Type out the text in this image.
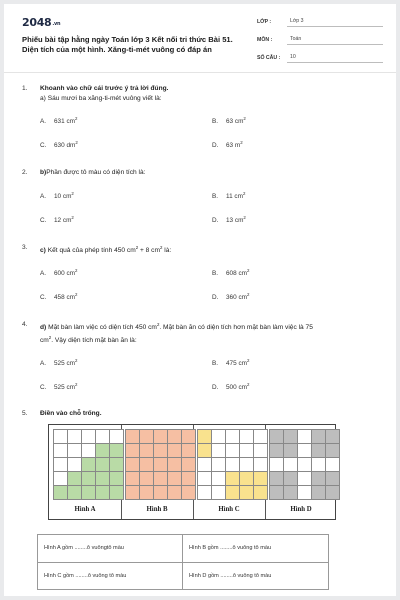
2048.vn
Phiếu bài tập hằng ngày Toán lớp 3 Kết nối tri thức Bài 51. Diện tích của một hình. Xăng-ti-mét vuông có đáp án
LỚP :	Lớp 3
MÔN :	Toán
SỐ CÂU :	10
1.	Khoanh vào chữ cái trước ý trả lời đúng.
a) Sáu mươi ba xăng-ti-mét vuông viết là:
A. 631 $cm^2$	B. 63 $cm^2$
C. 630 $dm^2$	D. 63 $m^2$
2.	b)Phần được tô màu có diện tích là:
A. 10 $cm^2$	B. 11 $cm^2$
C. 12 $cm^2$	D. 13 $cm^2$
3.	c) Kết quả của phép tính 450 $cm^2 + 8$ $cm^2$ là:
A. 600 $cm^2$	B. 608 $cm^2$
C. 458 $cm^2$	D. 360 $cm^2$
4.	d) Mặt bàn làm việc có diện tích 450 $cm^2$. Mặt bàn ăn có diện tích hơn mặt bàn làm việc là 75
$cm^2$. Vậy diện tích mặt bàn ăn là:
A. 525 $cm^2$	B. 475 $cm^2$
C. 525 $cm^2$	D. 500 $cm^2$
5.	Điền vào chỗ trống.
Hình A	Hình B	Hình C	Hình D
Hình A gồm ........ô vuôngtô màu	Hình B gồm ........ô vuông tô màu
Hình C gồm ........ô vuông tô màu	Hình D gồm ........ô vuông tô màu
